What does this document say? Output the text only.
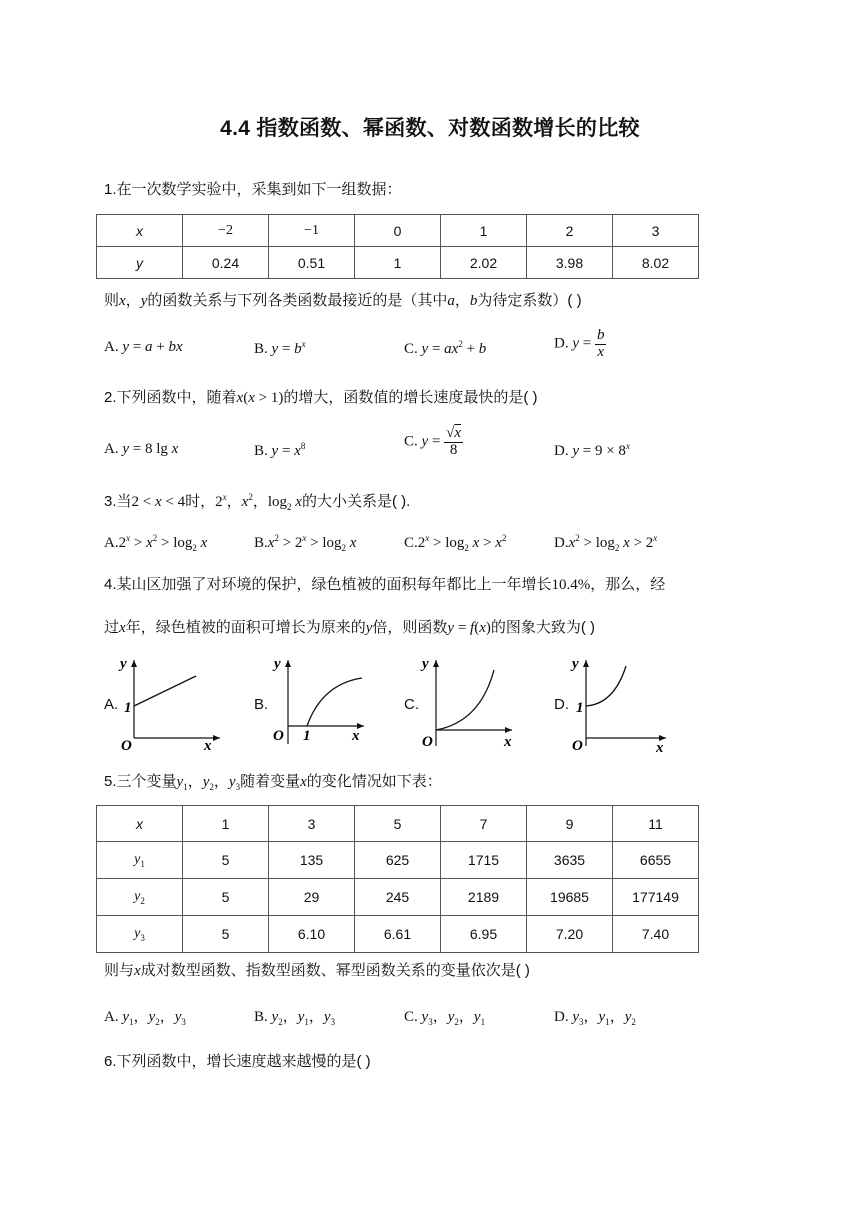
4.4 指数函数、幂函数、对数函数增长的比较
1.在一次数学实验中，采集到如下一组数据：
x	−2	−1	0	1	2	3
y	0.24	0.51	1	2.02	3.98	8.02
则x，y的函数关系与下列各类函数最接近的是（其中a，b为待定系数）( )
A. y = a + bx	B. $y = b^x$	C. $y = ax^2 + b$	D. $y = \frac{b}{x}$
2.下列函数中，随着x(x > 1)的增大，函数值的增长速度最快的是( )
A. y = 8 lg x	B. $y = x^8$	C. $y = \frac{√x}{8}$	D. $y = 9 \times 8^x$
3.当2 < x < 4时，2$^x$，$x^2$，$\log_2 x$的大小关系是( ).
$A.2^x > x^2 > \log_2 x$	$B.x^2 > 2^x > \log_2 x$	$C.2^x > \log_2 x > x^2$	$D.x^2 > \log_2 x > 2^x$
4.某山区加强了对环境的保护，绿色植被的面积每年都比上一年增长10.4%，那么，经
过x年，绿色植被的面积可增长为原来的y倍，则函数y = f(x)的图象大致为( )
A.
y
x
O
1	B.
y
x
O 1
C.
y
x
O
D.
y
x
O
1
5.三个变量$y_1$，$y_2$，$y_3$随着变量x的变化情况如下表：
x	1	3	5	7	9	11
$y_1$	5	135	625	1715	3635	6655
$y_2$	5	29	245	2189	19685	177149
$y_3$	5	6.10	6.61	6.95	7.20	7.40
则与x成对数型函数、指数型函数、幂型函数关系的变量依次是( )
A. $y_1$，$y_2$，$y_3$	B. $y_2$，$y_1$，$y_3$	C. $y_3$，$y_2$，$y_1$	D. $y_3$，$y_1$，$y_2$
6.下列函数中，增长速度越来越慢的是( )
